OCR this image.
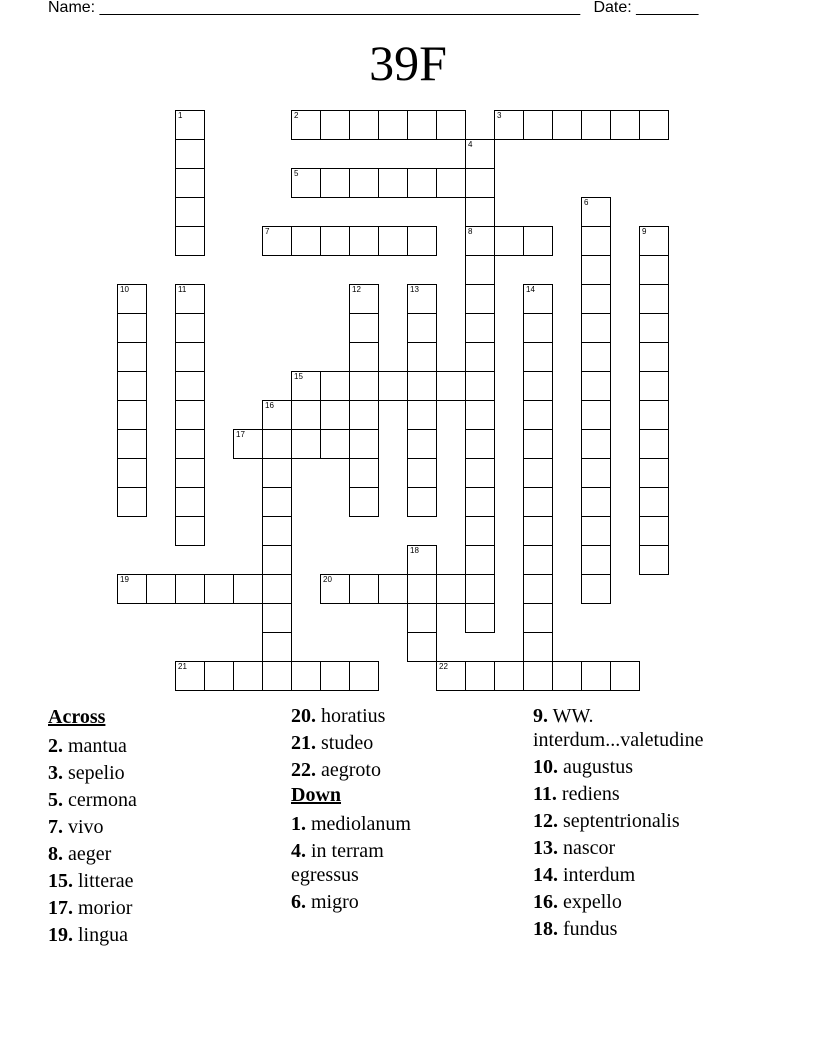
Name: ______________________________________________________ Date: _______
39F
1	2	3
4
8
5
6
7	9
10	11	12	13	14
15
16
17
18
19	20
21	22
Across
2. mantua
3. sepelio
5. cermona
7. vivo
8. aeger
15. litterae
17. morior
19. lingua
20. horatius
21. studeo
22. aegroto
Down
1. mediolanum
4. in terram egressus
6. migro
9. WW. interdum...valetudine
10. augustus
11. rediens
12. septentrionalis
13. nascor
14. interdum
16. expello
18. fundus
